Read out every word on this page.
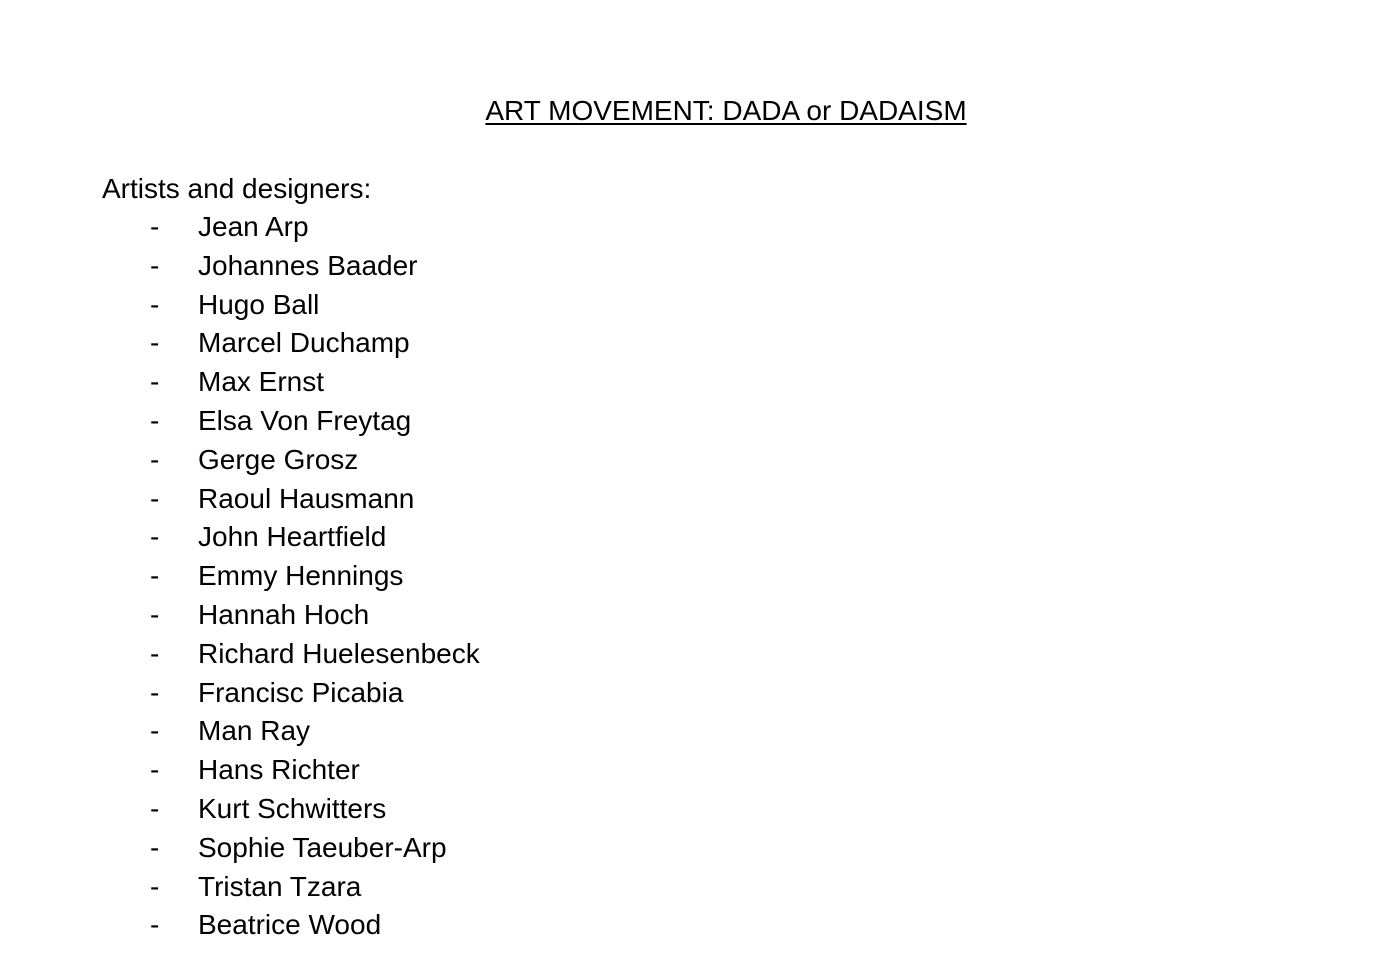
ART MOVEMENT: DADA or DADAISM

Artists and designers:

- Jean Arp
- Johannes Baader
- Hugo Ball
- Marcel Duchamp
- Max Ernst
- Elsa Von Freytag
- Gerge Grosz
- Raoul Hausmann
- John Heartfield
- Emmy Hennings
- Hannah Hoch
- Richard Huelesenbeck
- Francisc Picabia
- Man Ray
- Hans Richter
- Kurt Schwitters
- Sophie Taeuber-Arp
- Tristan Tzara
- Beatrice Wood
